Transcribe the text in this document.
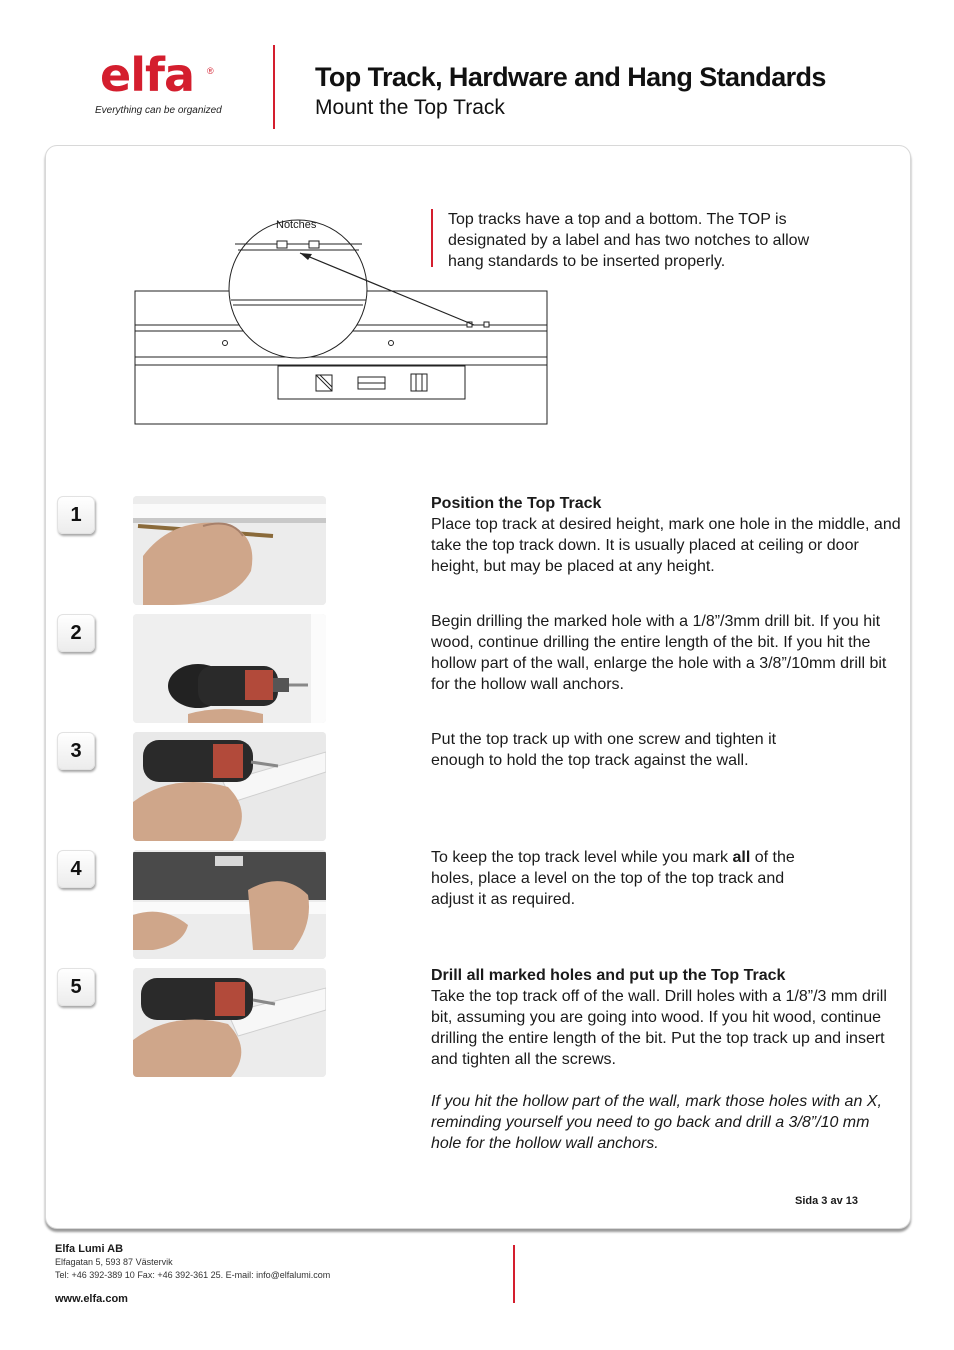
elfa ®
Everything can be organized
Top Track, Hardware and Hang Standards
Mount the Top Track
Notches	Top tracks have a top and a bottom. The TOP is designated by a label and has two notches to allow hang standards to be inserted properly.
1
2
3
4
5

Position the Top Track

Place top track at desired height, mark one hole in the middle, and take the top track down. It is usually placed at ceiling or door height, but may be placed at any height.

Begin drilling the marked hole with a 1/8”/3mm drill bit. If you hit wood, continue drilling the entire length of the bit. If you hit the hollow part of the wall, enlarge the hole with a 3/8”/10mm drill bit for the hollow wall anchors.

Put the top track up with one screw and tighten it enough to hold the top track against the wall.

To keep the top track level while you mark all of the holes, place a level on the top of the top track and adjust it as required.

Drill all marked holes and put up the Top Track

Take the top track off of the wall. Drill holes with a 1/8”/3 mm drill bit, assuming you are going into wood. If you hit wood, continue drilling the entire length of the bit. Put the top track up and insert and tighten all the screws.

If you hit the hollow part of the wall, mark those holes with an X, reminding yourself you need to go back and drill a 3/8”/10 mm hole for the hollow wall anchors.

Sida 3 av 13
Elfa Lumi AB
Elfagatan 5, 593 87 Västervik
Tel: +46 392-389 10 Fax: +46 392-361 25. E-mail: info@elfalumi.com
www.elfa.com
